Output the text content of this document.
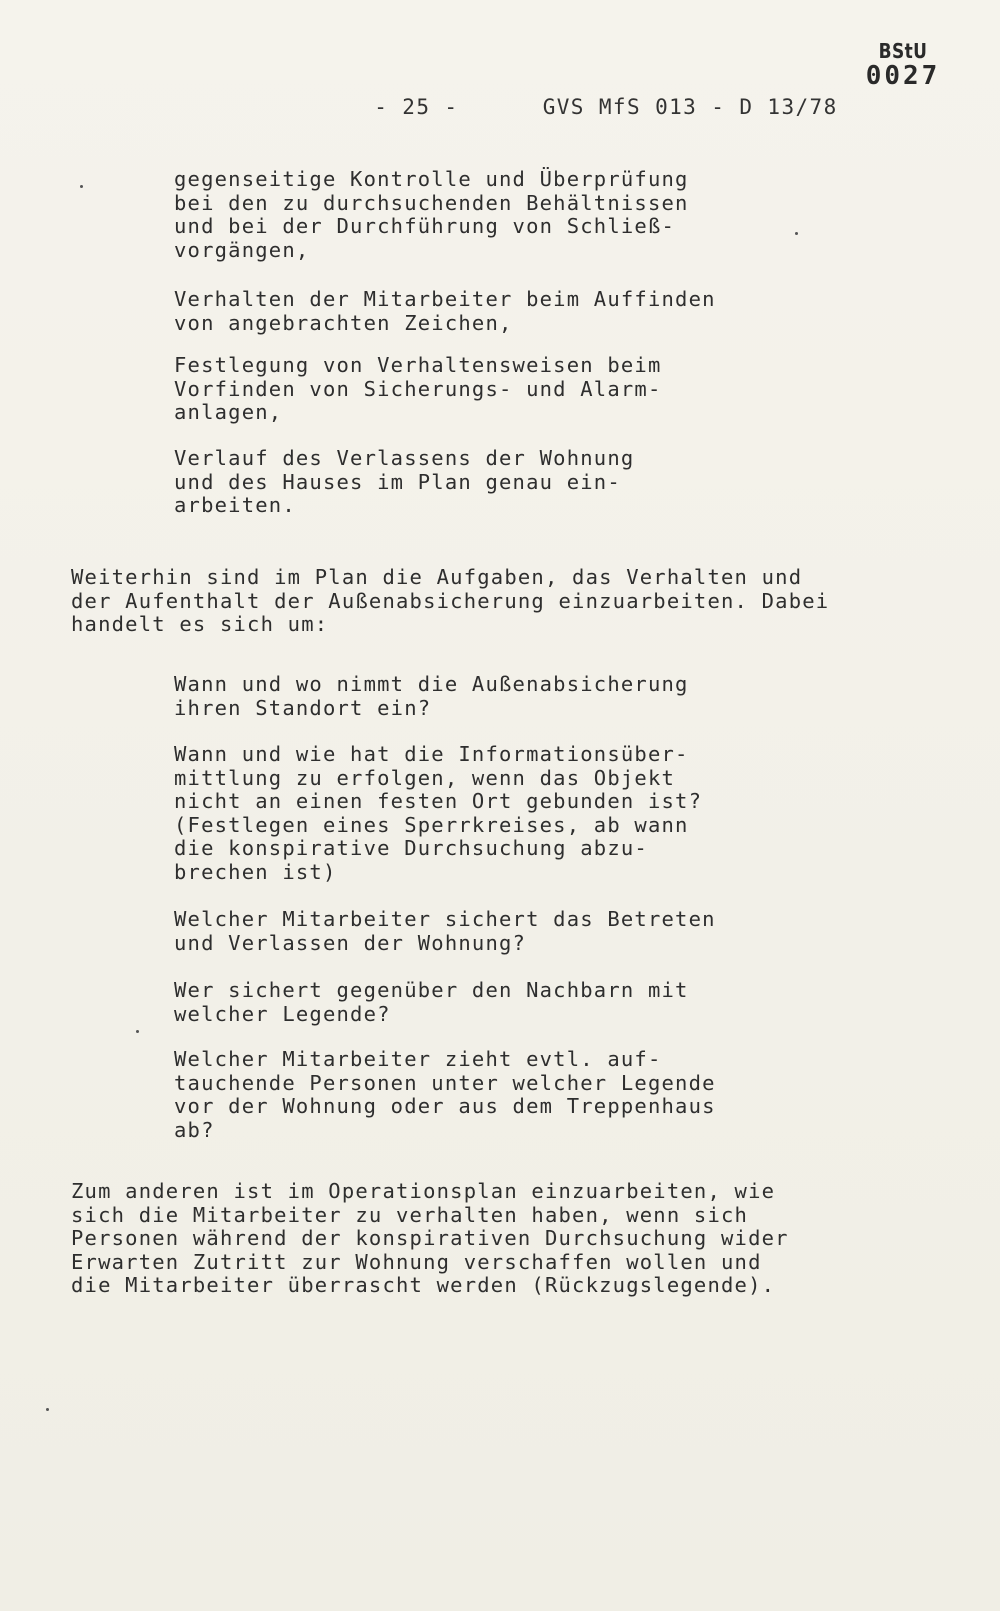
- 25 -	GVS MfS 013 - D 13/78

BStU
0027

gegenseitige Kontrolle und Überprüfung
bei den zu durchsuchenden Behältnissen
und bei der Durchführung von Schließ-
vorgängen,

Verhalten der Mitarbeiter beim Auffinden
von angebrachten Zeichen,

Festlegung von Verhaltensweisen beim
Vorfinden von Sicherungs- und Alarm-
anlagen,

Verlauf des Verlassens der Wohnung
und des Hauses im Plan genau ein-
arbeiten.

Weiterhin sind im Plan die Aufgaben, das Verhalten und
der Aufenthalt der Außenabsicherung einzuarbeiten. Dabei
handelt es sich um:

Wann und wo nimmt die Außenabsicherung
ihren Standort ein?

Wann und wie hat die Informationsüber-
mittlung zu erfolgen, wenn das Objekt
nicht an einen festen Ort gebunden ist?
(Festlegen eines Sperrkreises, ab wann
die konspirative Durchsuchung abzu-
brechen ist)

Welcher Mitarbeiter sichert das Betreten
und Verlassen der Wohnung?

Wer sichert gegenüber den Nachbarn mit
welcher Legende?

Welcher Mitarbeiter zieht evtl. auf-
tauchende Personen unter welcher Legende
vor der Wohnung oder aus dem Treppenhaus
ab?

Zum anderen ist im Operationsplan einzuarbeiten, wie
sich die Mitarbeiter zu verhalten haben, wenn sich
Personen während der konspirativen Durchsuchung wider
Erwarten Zutritt zur Wohnung verschaffen wollen und
die Mitarbeiter überrascht werden (Rückzugslegende).
